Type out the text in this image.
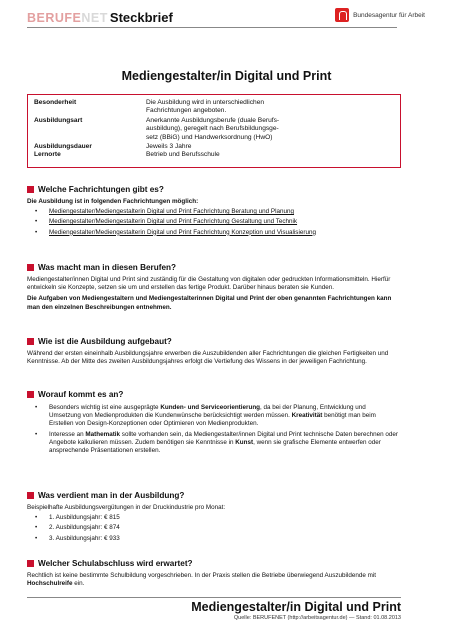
BERUFENET Steckbrief	Bundesagentur für Arbeit
Mediengestalter/in Digital und Print
Besonderheit	Die Ausbildung wird in unterschiedlichen Fachrichtungen angeboten.
Ausbildungsart	Anerkannte Ausbildungsberufe (duale Berufs-ausbildung), geregelt nach Berufsbildungsge-setz (BBiG) und Handwerksordnung (HwO)
Ausbildungsdauer	Jeweils 3 Jahre
Lernorte	Betrieb und Berufsschule
Welche Fachrichtungen gibt es?

Die Ausbildung ist in folgenden Fachrichtungen möglich:

• Mediengestalter/Mediengestalterin Digital und Print Fachrichtung Beratung und Planung
• Mediengestalter/Mediengestalterin Digital und Print Fachrichtung Gestaltung und Technik
• Mediengestalter/Mediengestalterin Digital und Print Fachrichtung Konzeption und Visualisierung
Was macht man in diesen Berufen?

Mediengestalter/innen Digital und Print sind zuständig für die Gestaltung von digitalen oder gedruckten Informationsmitteln. Hierfür entwickeln sie Konzepte, setzen sie um und erstellen das fertige Produkt. Darüber hinaus beraten sie Kunden.

Die Aufgaben von Mediengestaltern und Mediengestalterinnen Digital und Print der oben genannten Fachrichtungen kann man den einzelnen Beschreibungen entnehmen.

Wie ist die Ausbildung aufgebaut?

Während der ersten eineinhalb Ausbildungsjahre erwerben die Auszubildenden aller Fachrichtungen die gleichen Fertigkeiten und Kenntnisse. Ab der Mitte des zweiten Ausbildungsjahres erfolgt die Vertiefung des Wissens in der jeweiligen Fachrichtung.

Worauf kommt es an?
• Besonders wichtig ist eine ausgeprägte Kunden- und Serviceorientierung, da bei der Planung, Entwicklung und Umsetzung von Medienprodukten die Kundenwünsche berücksichtigt werden müssen. Kreativität benötigt man beim Erstellen von Design-Konzeptionen oder Optimieren von Medienprodukten.
• Interesse an Mathematik sollte vorhanden sein, da Mediengestalter/innen Digital und Print technische Daten berechnen oder Angebote kalkulieren müssen. Zudem benötigen sie Kenntnisse in Kunst, wenn sie grafische Elemente entwerfen oder ansprechende Präsentationen erstellen.
Was verdient man in der Ausbildung?

Beispielhafte Ausbildungsvergütungen in der Druckindustrie pro Monat:

• 1. Ausbildungsjahr: € 815
• 2. Ausbildungsjahr: € 874
• 3. Ausbildungsjahr: € 933
Welcher Schulabschluss wird erwartet?

Rechtlich ist keine bestimmte Schulbildung vorgeschrieben. In der Praxis stellen die Betriebe überwiegend Auszubildende mit Hochschulreife ein.

Mediengestalter/in Digital und Print
Quelle: BERUFENET (http://arbeitsagentur.de) — Stand: 01.08.2013
